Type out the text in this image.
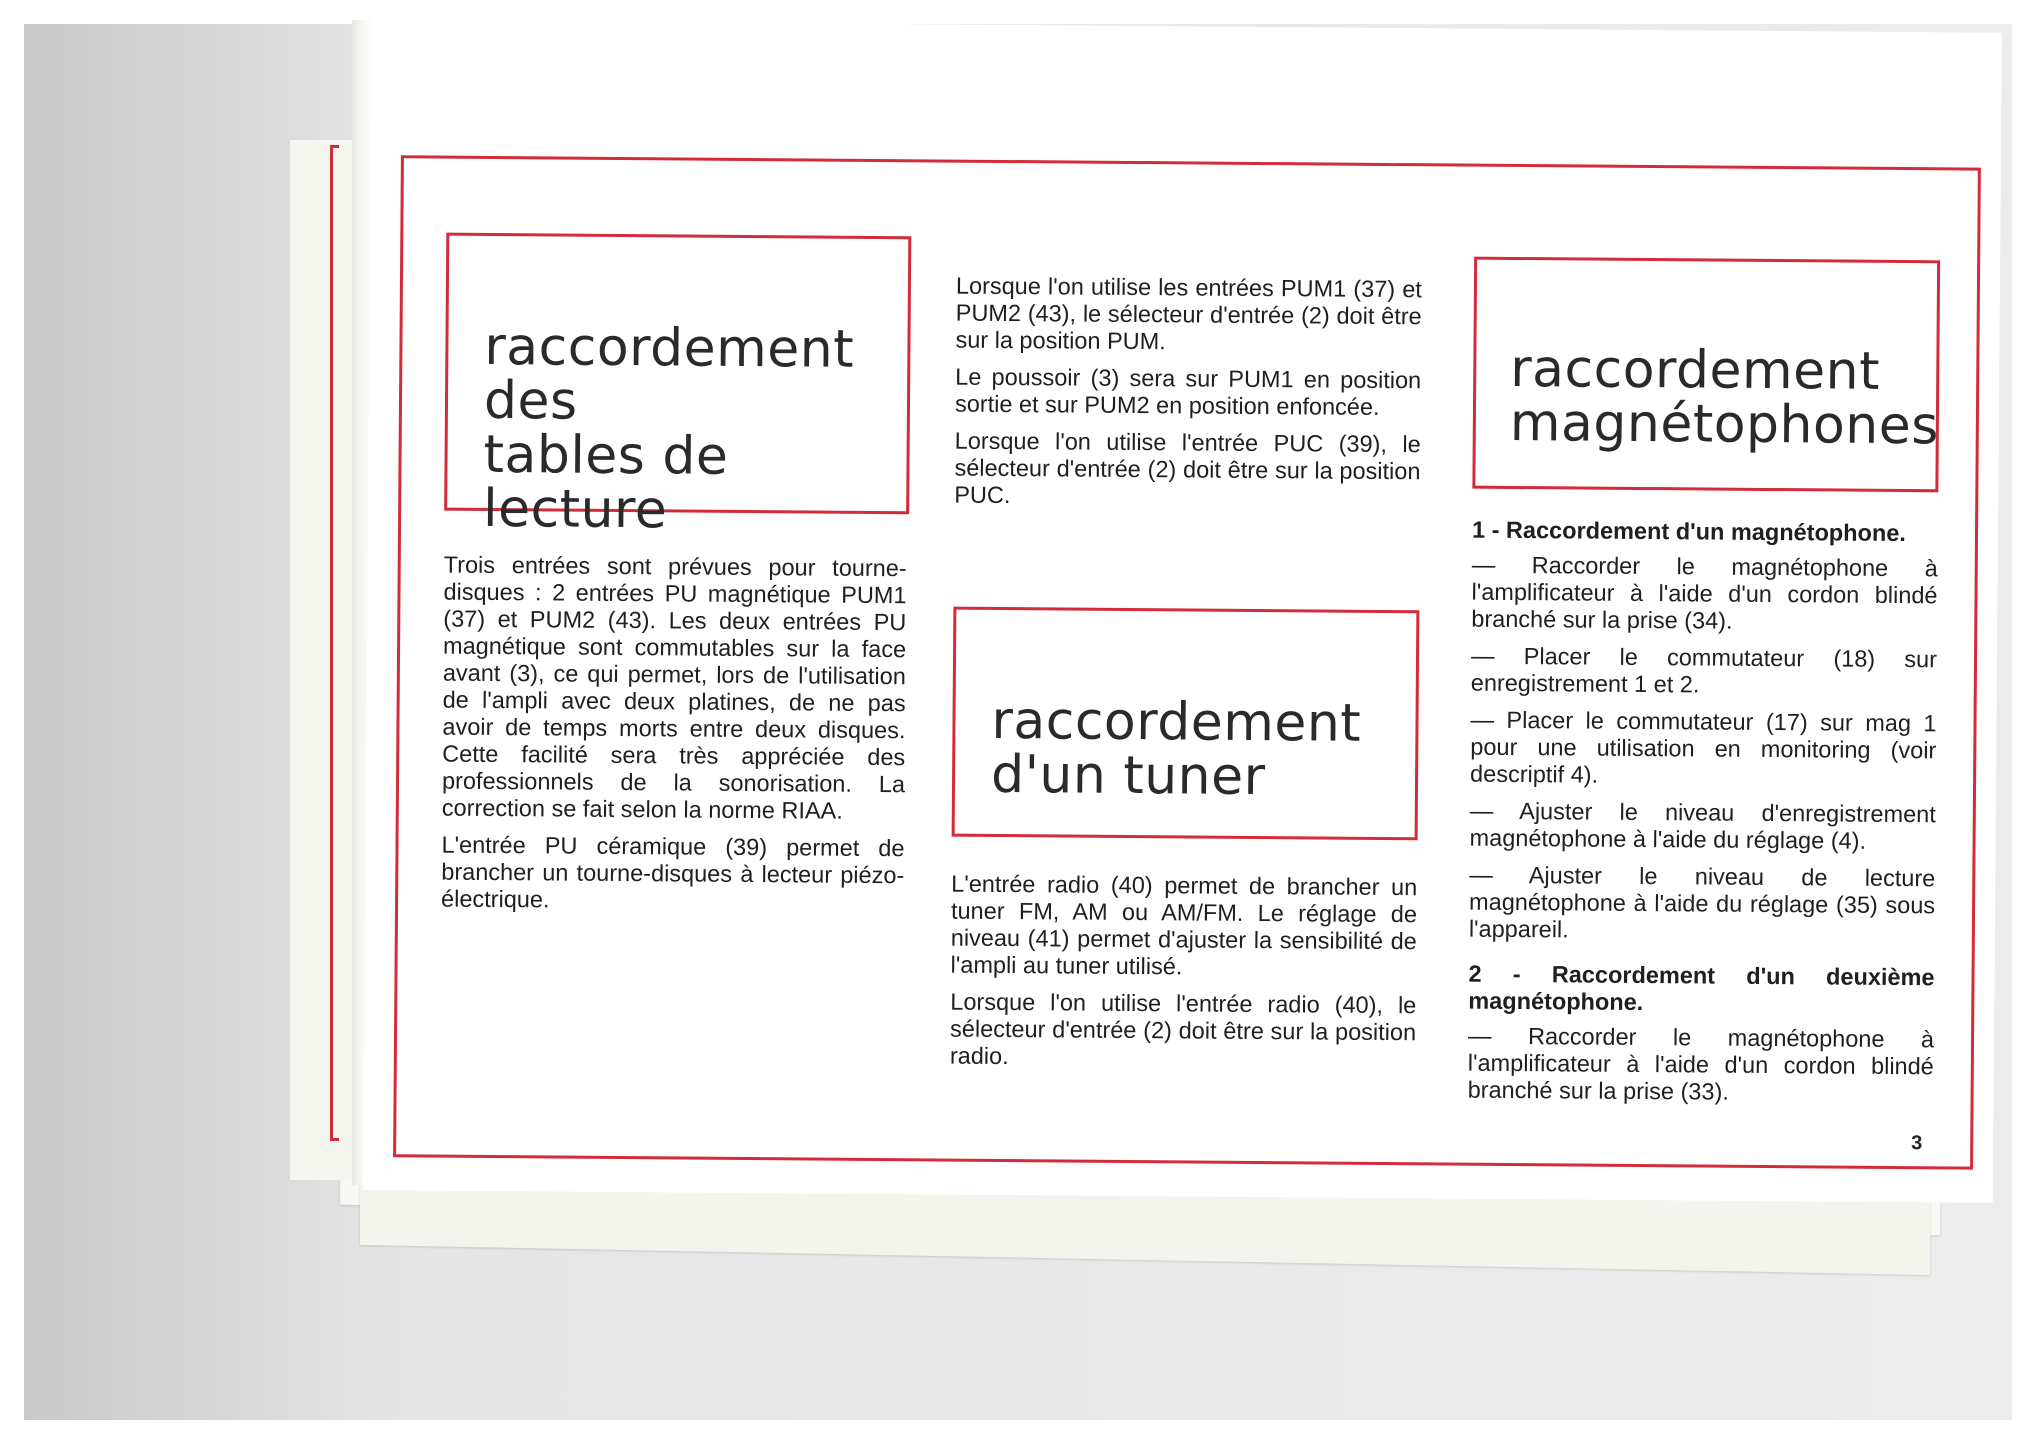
raccordement

des

tables de lecture

Trois entrées sont prévues pour tourne-disques : 2 entrées PU magnétique PUM1 (37) et PUM2 (43). Les deux entrées PU magnétique sont commutables sur la face avant (3), ce qui permet, lors de l'utilisation de l'ampli avec deux platines, de ne pas avoir de temps morts entre deux disques. Cette facilité sera très appréciée des professionnels de la sonorisation. La correction se fait selon la norme RIAA.

L'entrée PU céramique (39) permet de brancher un tourne-disques à lecteur piézo-électrique.

Lorsque l'on utilise les entrées PUM1 (37) et PUM2 (43), le sélecteur d'entrée (2) doit être sur la position PUM.

Le poussoir (3) sera sur PUM1 en position sortie et sur PUM2 en position enfoncée.

Lorsque l'on utilise l'entrée PUC (39), le sélecteur d'entrée (2) doit être sur la position PUC.

raccordement

d'un tuner

L'entrée radio (40) permet de brancher un tuner FM, AM ou AM/FM. Le réglage de niveau (41) permet d'ajuster la sensibilité de l'ampli au tuner utilisé.

Lorsque l'on utilise l'entrée radio (40), le sélecteur d'entrée (2) doit être sur la position radio.

raccordement

magnétophones

1 - Raccordement d'un magnétophone.

— Raccorder le magnétophone à l'amplificateur à l'aide d'un cordon blindé branché sur la prise (34).

— Placer le commutateur (18) sur enregistrement 1 et 2.

— Placer le commutateur (17) sur mag 1 pour une utilisation en monitoring (voir descriptif 4).

— Ajuster le niveau d'enregistrement magnétophone à l'aide du réglage (4).

— Ajuster le niveau de lecture magnétophone à l'aide du réglage (35) sous l'appareil.

2 - Raccordement d'un deuxième magnétophone.

— Raccorder le magnétophone à l'amplificateur à l'aide d'un cordon blindé branché sur la prise (33).

3
